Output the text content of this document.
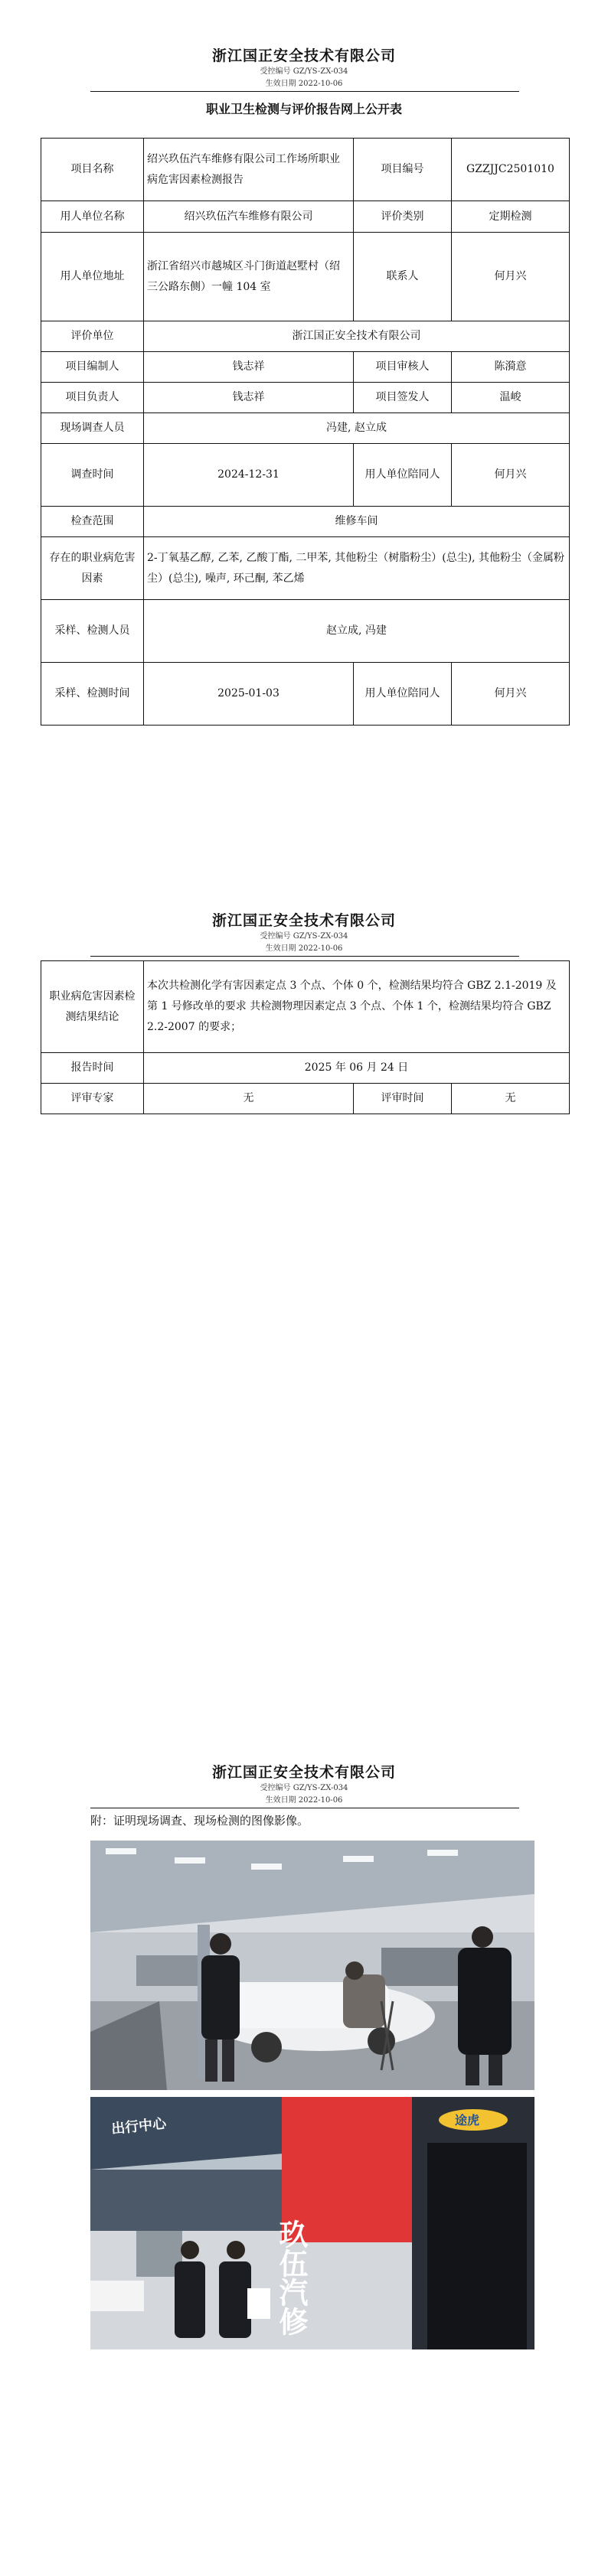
浙江国正安全技术有限公司
受控编号 GZ/YS-ZX-034
生效日期 2022-10-06
职业卫生检测与评价报告网上公开表
项目名称	绍兴玖伍汽车维修有限公司工作场所职业病危害因素检测报告	项目编号	GZZJJC2501010
用人单位名称	绍兴玖伍汽车维修有限公司	评价类别	定期检测
用人单位地址	浙江省绍兴市越城区斗门街道赵墅村（绍三公路东侧）一幢 104 室	联系人	何月兴
评价单位	浙江国正安全技术有限公司		
项目编制人	钱志祥	项目审核人	陈漪意
项目负责人	钱志祥	项目签发人	温峻
现场调查人员	冯建, 赵立成		
调查时间	2024-12-31	用人单位陪同人	何月兴
检查范围	维修车间		
存在的职业病危害因素	2-丁氧基乙醇, 乙苯, 乙酸丁酯, 二甲苯, 其他粉尘（树脂粉尘）(总尘), 其他粉尘（金属粉尘）(总尘), 噪声, 环己酮, 苯乙烯		
采样、检测人员	赵立成, 冯建		
采样、检测时间	2025-01-03	用人单位陪同人	何月兴
浙江国正安全技术有限公司
受控编号 GZ/YS-ZX-034
生效日期 2022-10-06
职业病危害因素检测结果结论	本次共检测化学有害因素定点 3 个点、个体 0 个，检测结果均符合 GBZ 2.1-2019 及第 1 号修改单的要求 共检测物理因素定点 3 个点、个体 1 个，检测结果均符合 GBZ 2.2-2007 的要求；		
报告时间	2025 年 06 月 24 日		
评审专家	无	评审时间	无
浙江国正安全技术有限公司
受控编号 GZ/YS-ZX-034
生效日期 2022-10-06
附：证明现场调查、现场检测的图像影像。
出行中心
玖伍汽修
途虎
